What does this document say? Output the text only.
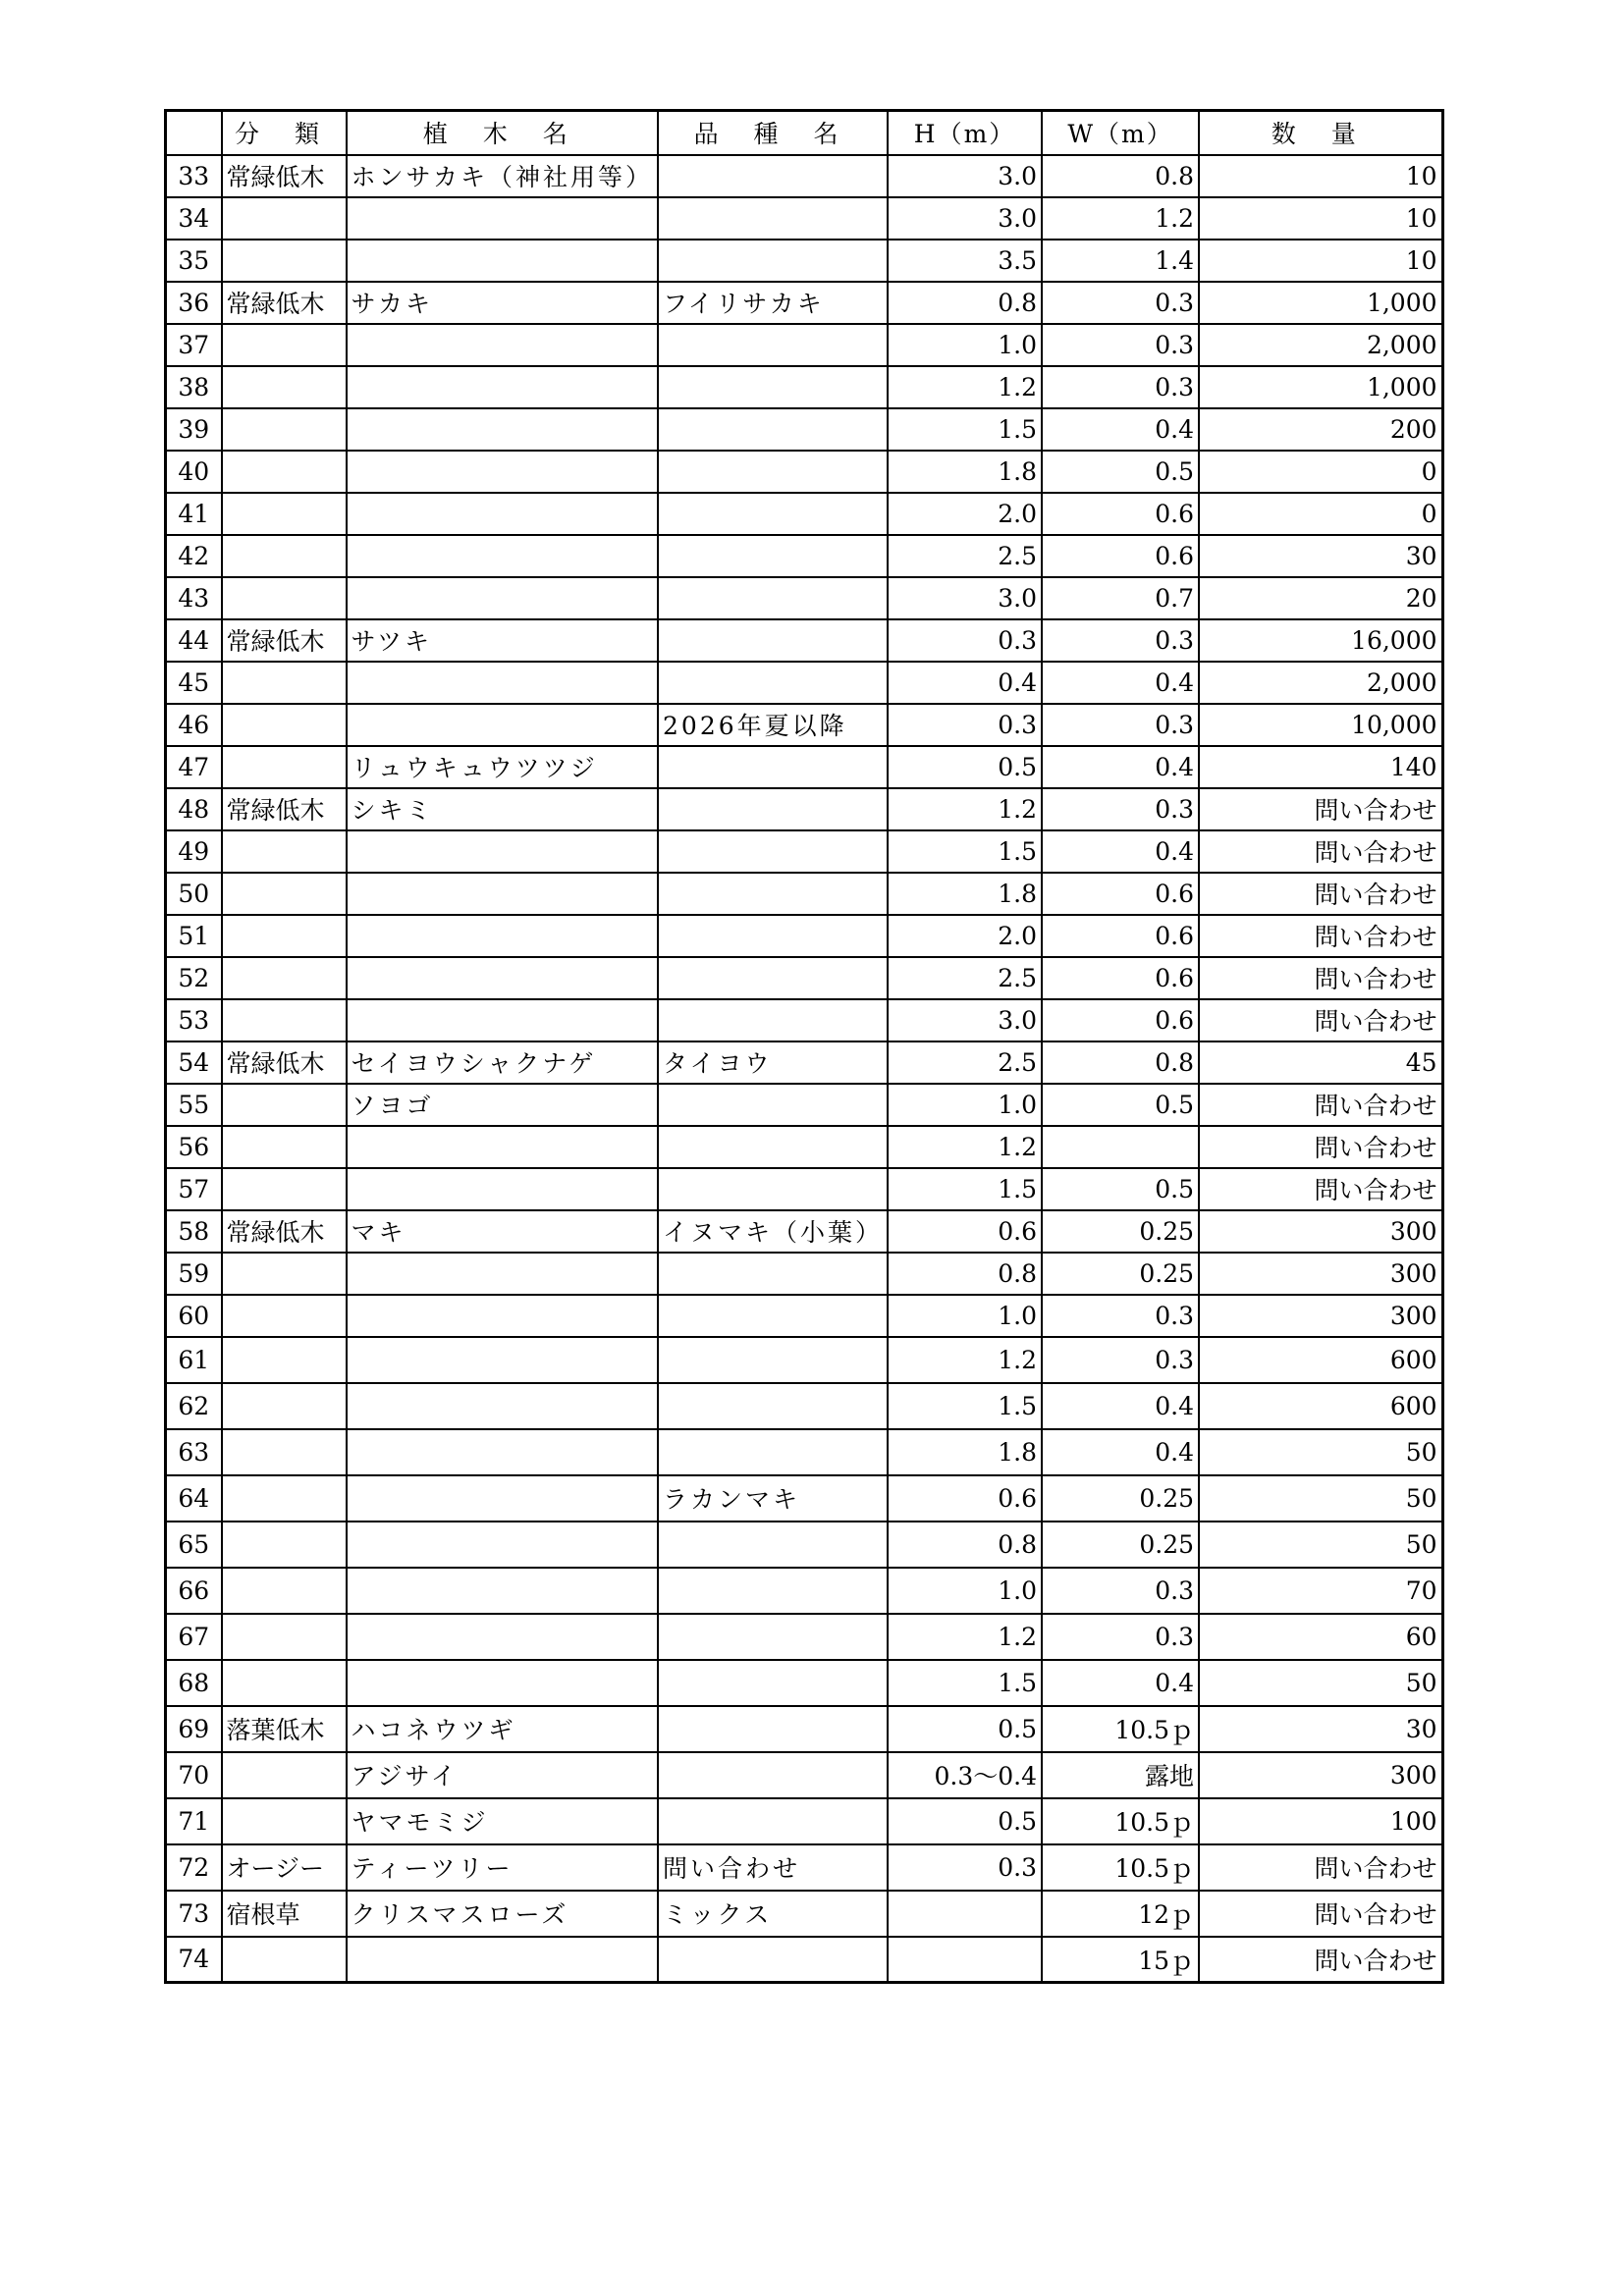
	分 類	植 木 名	品 種 名	H（m）	W（m）	数 量
33	常緑低木	ホンサカキ（神社用等）		3.0	0.8	10
34				3.0	1.2	10
35				3.5	1.4	10
36	常緑低木	サカキ	フイリサカキ	0.8	0.3	1,000
37				1.0	0.3	2,000
38				1.2	0.3	1,000
39				1.5	0.4	200
40				1.8	0.5	0
41				2.0	0.6	0
42				2.5	0.6	30
43				3.0	0.7	20
44	常緑低木	サツキ		0.3	0.3	16,000
45				0.4	0.4	2,000
46			2026年夏以降	0.3	0.3	10,000
47		リュウキュウツツジ		0.5	0.4	140
48	常緑低木	シキミ		1.2	0.3	問い合わせ
49				1.5	0.4	問い合わせ
50				1.8	0.6	問い合わせ
51				2.0	0.6	問い合わせ
52				2.5	0.6	問い合わせ
53				3.0	0.6	問い合わせ
54	常緑低木	セイヨウシャクナゲ	タイヨウ	2.5	0.8	45
55		ソヨゴ		1.0	0.5	問い合わせ
56				1.2		問い合わせ
57				1.5	0.5	問い合わせ
58	常緑低木	マキ	イヌマキ（小葉）	0.6	0.25	300
59				0.8	0.25	300
60				1.0	0.3	300
61				1.2	0.3	600
62				1.5	0.4	600
63				1.8	0.4	50
64			ラカンマキ	0.6	0.25	50
65				0.8	0.25	50
66				1.0	0.3	70
67				1.2	0.3	60
68				1.5	0.4	50
69	落葉低木	ハコネウツギ		0.5	10.5ｐ	30
70		アジサイ		0.3～0.4	露地	300
71		ヤマモミジ		0.5	10.5ｐ	100
72	オージー	ティーツリー	問い合わせ	0.3	10.5ｐ	問い合わせ
73	宿根草	クリスマスローズ	ミックス		12ｐ	問い合わせ
74					15ｐ	問い合わせ
